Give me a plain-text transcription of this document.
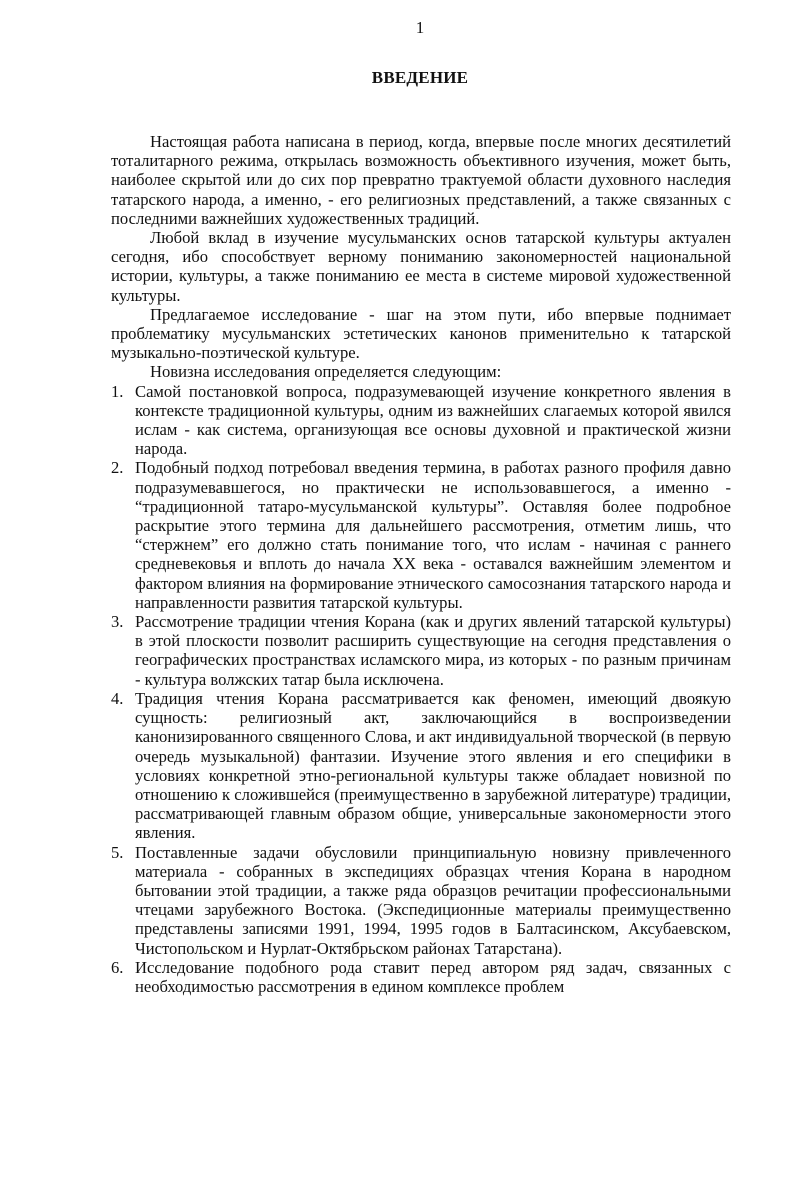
1
ВВЕДЕНИЕ

Настоящая работа написана в период, когда, впервые после многих десятилетий тоталитарного режима, открылась возможность объективного изучения, может быть, наиболее скрытой или до сих пор превратно трактуемой области духовного наследия татарского народа, а именно, - его религиозных представлений, а также связанных с последними важнейших художественных традиций.

Любой вклад в изучение мусульманских основ татарской культуры актуален сегодня, ибо способствует верному пониманию закономерностей национальной истории, культуры, а также пониманию ее места в системе мировой художественной культуры.

Предлагаемое исследование - шаг на этом пути, ибо впервые поднимает проблематику мусульманских эстетических канонов применительно к татарской музыкально-поэтической культуре.

Новизна исследования определяется следующим:

1. Самой постановкой вопроса, подразумевающей изучение конкретного явления в контексте традиционной культуры, одним из важнейших слагаемых которой явился ислам - как система, организующая все основы духовной и практической жизни народа.
2. Подобный подход потребовал введения термина, в работах разного профиля давно подразумевавшегося, но практически не использовавшегося, а именно - “традиционной татаро-мусульманской культуры”. Оставляя более подробное раскрытие этого термина для дальнейшего рассмотрения, отметим лишь, что “стержнем” его должно стать понимание того, что ислам - начиная с раннего средневековья и вплоть до начала XX века - оставался важнейшим элементом и фактором влияния на формирование этнического самосознания татарского народа и направленности развития татарской культуры.
3. Рассмотрение традиции чтения Корана (как и других явлений татарской культуры) в этой плоскости позволит расширить существующие на сегодня представления о географических пространствах исламского мира, из которых - по разным причинам - культура волжских татар была исключена.
4. Традиция чтения Корана рассматривается как феномен, имеющий двоякую сущность: религиозный акт, заключающийся в воспроизведении канонизированного священного Слова, и акт индивидуальной творческой (в первую очередь музыкальной) фантазии. Изучение этого явления и его специфики в условиях конкретной этно-региональной культуры также обладает новизной по отношению к сложившейся (преимущественно в зарубежной литературе) традиции, рассматривающей главным образом общие, универсальные закономерности этого явления.
5. Поставленные задачи обусловили принципиальную новизну привлеченного материала - собранных в экспедициях образцах чтения Корана в народном бытовании этой традиции, а также ряда образцов речитации профессиональными чтецами зарубежного Востока. (Экспедиционные материалы преимущественно представлены записями 1991, 1994, 1995 годов в Балтасинском, Аксубаевском, Чистопольском и Нурлат-Октябрьском районах Татарстана).
6. Исследование подобного рода ставит перед автором ряд задач, связанных с необходимостью рассмотрения в едином комплексе проблем
